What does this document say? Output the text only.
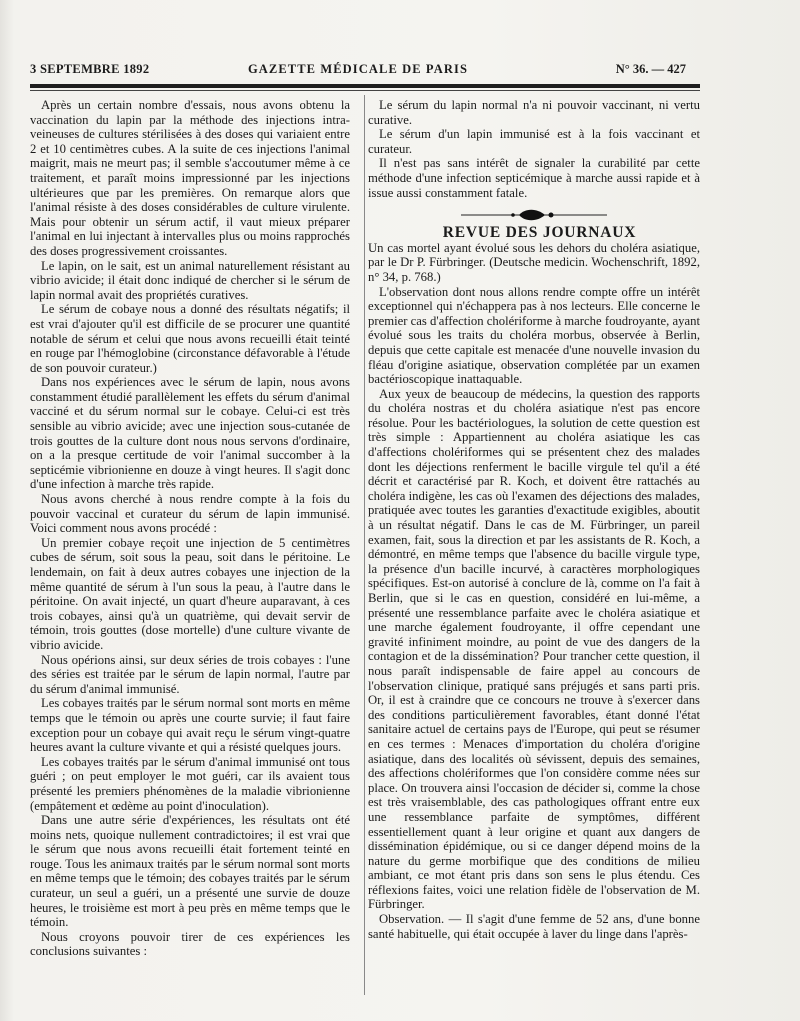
3 SEPTEMBRE 1892	GAZETTE MÉDICALE DE PARIS	N° 36. — 427

Après un certain nombre d'essais, nous avons obtenu la vaccination du lapin par la méthode des injections intra-veineuses de cultures stérilisées à des doses qui variaient entre 2 et 10 centimètres cubes. A la suite de ces injections l'animal maigrit, mais ne meurt pas; il semble s'accoutumer même à ce traitement, et paraît moins impressionné par les injections ultérieures que par les premières. On remarque alors que l'animal résiste à des doses considérables de culture virulente. Mais pour obtenir un sérum actif, il vaut mieux préparer l'animal en lui injectant à intervalles plus ou moins rapprochés des doses progressivement croissantes.

Le lapin, on le sait, est un animal naturellement résistant au vibrio avicide; il était donc indiqué de chercher si le sérum de lapin normal avait des propriétés curatives.

Le sérum de cobaye nous a donné des résultats négatifs; il est vrai d'ajouter qu'il est difficile de se procurer une quantité notable de sérum et celui que nous avons recueilli était teinté en rouge par l'hémoglobine (circonstance défavorable à l'étude de son pouvoir curateur.)

Dans nos expériences avec le sérum de lapin, nous avons constamment étudié parallèlement les effets du sérum d'animal vacciné et du sérum normal sur le cobaye. Celui-ci est très sensible au vibrio avicide; avec une injection sous-cutanée de trois gouttes de la culture dont nous nous servons d'ordinaire, on a la presque certitude de voir l'animal succomber à la septicémie vibrionienne en douze à vingt heures. Il s'agit donc d'une infection à marche très rapide.

Nous avons cherché à nous rendre compte à la fois du pouvoir vaccinal et curateur du sérum de lapin immunisé. Voici comment nous avons procédé :

Un premier cobaye reçoit une injection de 5 centimètres cubes de sérum, soit sous la peau, soit dans le péritoine. Le lendemain, on fait à deux autres cobayes une injection de la même quantité de sérum à l'un sous la peau, à l'autre dans le péritoine. On avait injecté, un quart d'heure auparavant, à ces trois cobayes, ainsi qu'à un quatrième, qui devait servir de témoin, trois gouttes (dose mortelle) d'une culture vivante de vibrio avicide.

Nous opérions ainsi, sur deux séries de trois cobayes : l'une des séries est traitée par le sérum de lapin normal, l'autre par du sérum d'animal immunisé.

Les cobayes traités par le sérum normal sont morts en même temps que le témoin ou après une courte survie; il faut faire exception pour un cobaye qui avait reçu le sérum vingt-quatre heures avant la culture vivante et qui a résisté quelques jours.

Les cobayes traités par le sérum d'animal immunisé ont tous guéri ; on peut employer le mot guéri, car ils avaient tous présenté les premiers phénomènes de la maladie vibrionienne (empâtement et œdème au point d'inoculation).

Dans une autre série d'expériences, les résultats ont été moins nets, quoique nullement contradictoires; il est vrai que le sérum que nous avons recueilli était fortement teinté en rouge. Tous les animaux traités par le sérum normal sont morts en même temps que le témoin; des cobayes traités par le sérum curateur, un seul a guéri, un a présenté une survie de douze heures, le troisième est mort à peu près en même temps que le témoin.

Nous croyons pouvoir tirer de ces expériences les conclusions suivantes :

Le sérum du lapin normal n'a ni pouvoir vaccinant, ni vertu curative.

Le sérum d'un lapin immunisé est à la fois vaccinant et curateur.

Il n'est pas sans intérêt de signaler la curabilité par cette méthode d'une infection septicémique à marche aussi rapide et à issue aussi constamment fatale.

REVUE DES JOURNAUX

Un cas mortel ayant évolué sous les dehors du choléra asiatique, par le Dr P. Fürbringer. (Deutsche medicin. Wochenschrift, 1892, n° 34, p. 768.)

L'observation dont nous allons rendre compte offre un intérêt exceptionnel qui n'échappera pas à nos lecteurs. Elle concerne le premier cas d'affection cholériforme à marche foudroyante, ayant évolué sous les traits du choléra morbus, observée à Berlin, depuis que cette capitale est menacée d'une nouvelle invasion du fléau d'origine asiatique, observation complétée par un examen bactérioscopique inattaquable.

Aux yeux de beaucoup de médecins, la question des rapports du choléra nostras et du choléra asiatique n'est pas encore résolue. Pour les bactériologues, la solution de cette question est très simple : Appartiennent au choléra asiatique les cas d'affections cholériformes qui se présentent chez des malades dont les déjections renferment le bacille virgule tel qu'il a été décrit et caractérisé par R. Koch, et doivent être rattachés au choléra indigène, les cas où l'examen des déjections des malades, pratiquée avec toutes les garanties d'exactitude exigibles, aboutit à un résultat négatif. Dans le cas de M. Fürbringer, un pareil examen, fait, sous la direction et par les assistants de R. Koch, a démontré, en même temps que l'absence du bacille virgule type, la présence d'un bacille incurvé, à caractères morphologiques spécifiques. Est-on autorisé à conclure de là, comme on l'a fait à Berlin, que si le cas en question, considéré en lui-même, a présenté une ressemblance parfaite avec le choléra asiatique et une marche également foudroyante, il offre cependant une gravité infiniment moindre, au point de vue des dangers de la contagion et de la dissémination? Pour trancher cette question, il nous paraît indispensable de faire appel au concours de l'observation clinique, pratiqué sans préjugés et sans parti pris. Or, il est à craindre que ce concours ne trouve à s'exercer dans des conditions particulièrement favorables, étant donné l'état sanitaire actuel de certains pays de l'Europe, qui peut se résumer en ces termes : Menaces d'importation du choléra d'origine asiatique, dans des localités où sévissent, depuis des semaines, des affections cholériformes que l'on considère comme nées sur place. On trouvera ainsi l'occasion de décider si, comme la chose est très vraisemblable, des cas pathologiques offrant entre eux une ressemblance parfaite de symptômes, différent essentiellement quant à leur origine et quant aux dangers de dissémination épidémique, ou si ce danger dépend moins de la nature du germe morbifique que des conditions de milieu ambiant, ce mot étant pris dans son sens le plus étendu. Ces réflexions faites, voici une relation fidèle de l'observation de M. Fürbringer.

Observation. — Il s'agit d'une femme de 52 ans, d'une bonne santé habituelle, qui était occupée à laver du linge dans l'après-
